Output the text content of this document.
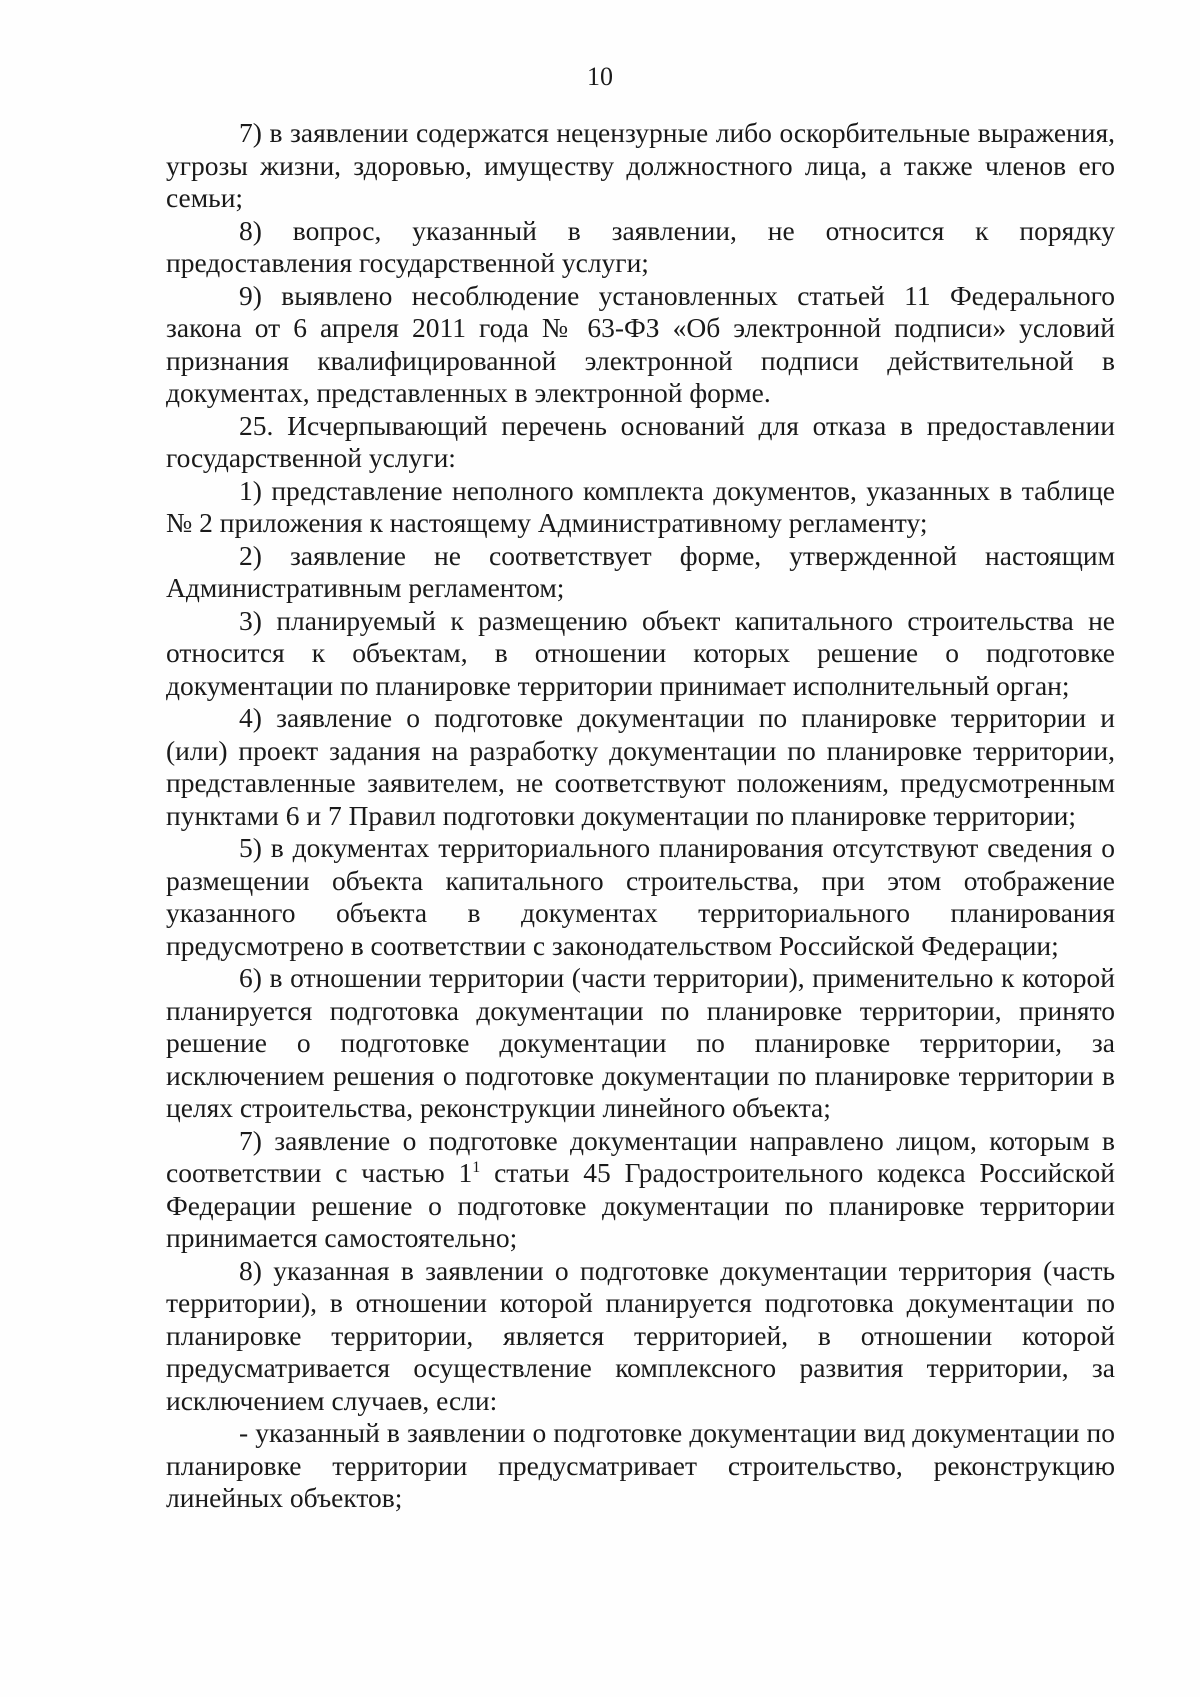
10

7) в заявлении содержатся нецензурные либо оскорбительные выражения, угрозы жизни, здоровью, имуществу должностного лица, а также членов его семьи;

8) вопрос, указанный в заявлении, не относится к порядку предоставления государственной услуги;

9) выявлено несоблюдение установленных статьей 11 Федерального закона от 6 апреля 2011 года № 63-ФЗ «Об электронной подписи» условий признания квалифицированной электронной подписи действительной в документах, представленных в электронной форме.

25. Исчерпывающий перечень оснований для отказа в предоставлении государственной услуги:

1) представление неполного комплекта документов, указанных в таблице № 2 приложения к настоящему Административному регламенту;

2) заявление не соответствует форме, утвержденной настоящим Административным регламентом;

3) планируемый к размещению объект капитального строительства не относится к объектам, в отношении которых решение о подготовке документации по планировке территории принимает исполнительный орган;

4) заявление о подготовке документации по планировке территории и (или) проект задания на разработку документации по планировке территории, представленные заявителем, не соответствуют положениям, предусмотренным пунктами 6 и 7 Правил подготовки документации по планировке территории;

5) в документах территориального планирования отсутствуют сведения о размещении объекта капитального строительства, при этом отображение указанного объекта в документах территориального планирования предусмотрено в соответствии с законодательством Российской Федерации;

6) в отношении территории (части территории), применительно к которой планируется подготовка документации по планировке территории, принято решение о подготовке документации по планировке территории, за исключением решения о подготовке документации по планировке территории в целях строительства, реконструкции линейного объекта;

7) заявление о подготовке документации направлено лицом, которым в соответствии с частью $1^1$ статьи 45 Градостроительного кодекса Российской Федерации решение о подготовке документации по планировке территории принимается самостоятельно;

8) указанная в заявлении о подготовке документации территория (часть территории), в отношении которой планируется подготовка документации по планировке территории, является территорией, в отношении которой предусматривается осуществление комплексного развития территории, за исключением случаев, если:

- указанный в заявлении о подготовке документации вид документации по планировке территории предусматривает строительство, реконструкцию линейных объектов;
